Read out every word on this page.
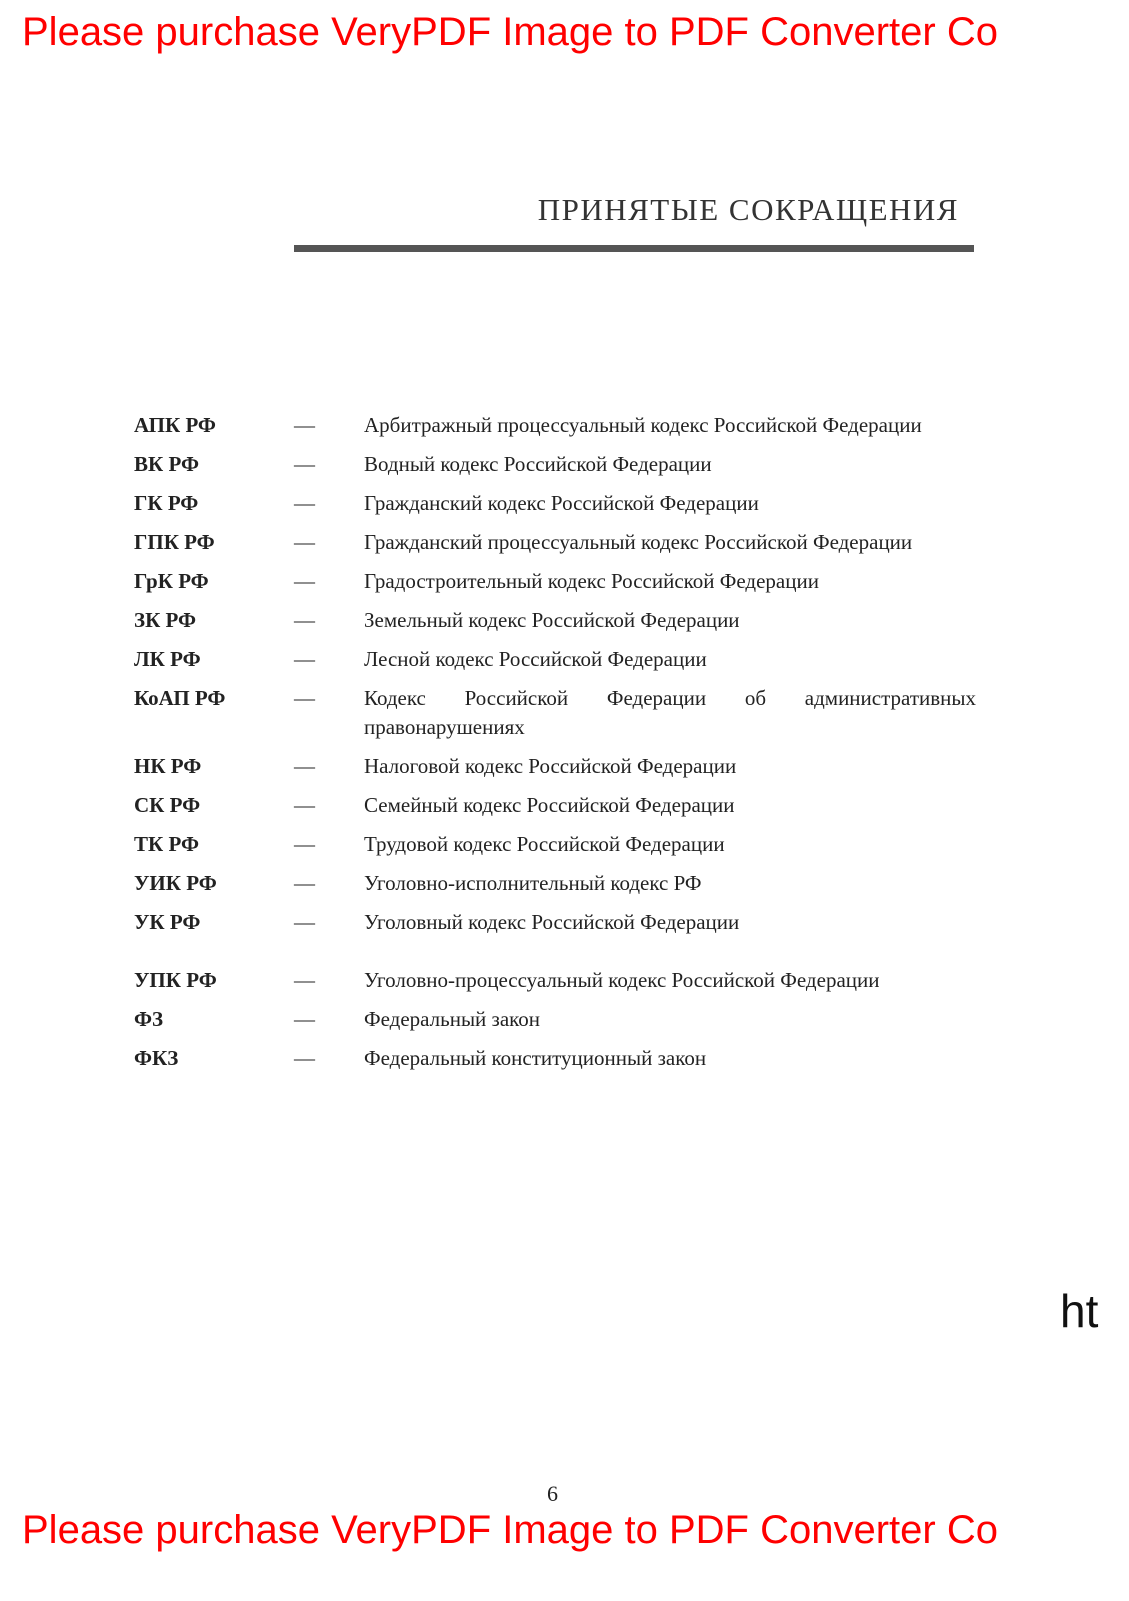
Please purchase VeryPDF Image to PDF Converter Co
ПРИНЯТЫЕ СОКРАЩЕНИЯ
АПК РФ	—	Арбитражный процессуальный кодекс Российской Федерации
ВК РФ	—	Водный кодекс Российской Федерации
ГК РФ	—	Гражданский кодекс Российской Федерации
ГПК РФ	—	Гражданский процессуальный кодекс Российской Федерации
ГрК РФ	—	Градостроительный кодекс Российской Федерации
ЗК РФ	—	Земельный кодекс Российской Федерации
ЛК РФ	—	Лесной кодекс Российской Федерации
КоАП РФ	—	Кодекс Российской Федерации об административных правонарушениях
НК РФ	—	Налоговой кодекс Российской Федерации
СК РФ	—	Семейный кодекс Российской Федерации
ТК РФ	—	Трудовой кодекс Российской Федерации
УИК РФ	—	Уголовно-исполнительный кодекс РФ
УК РФ	—	Уголовный кодекс Российской Федерации
УПК РФ	—	Уголовно-процессуальный кодекс Российской Федерации
ФЗ	—	Федеральный закон
ФКЗ	—	Федеральный конституционный закон
ht
6
Please purchase VeryPDF Image to PDF Converter Co
